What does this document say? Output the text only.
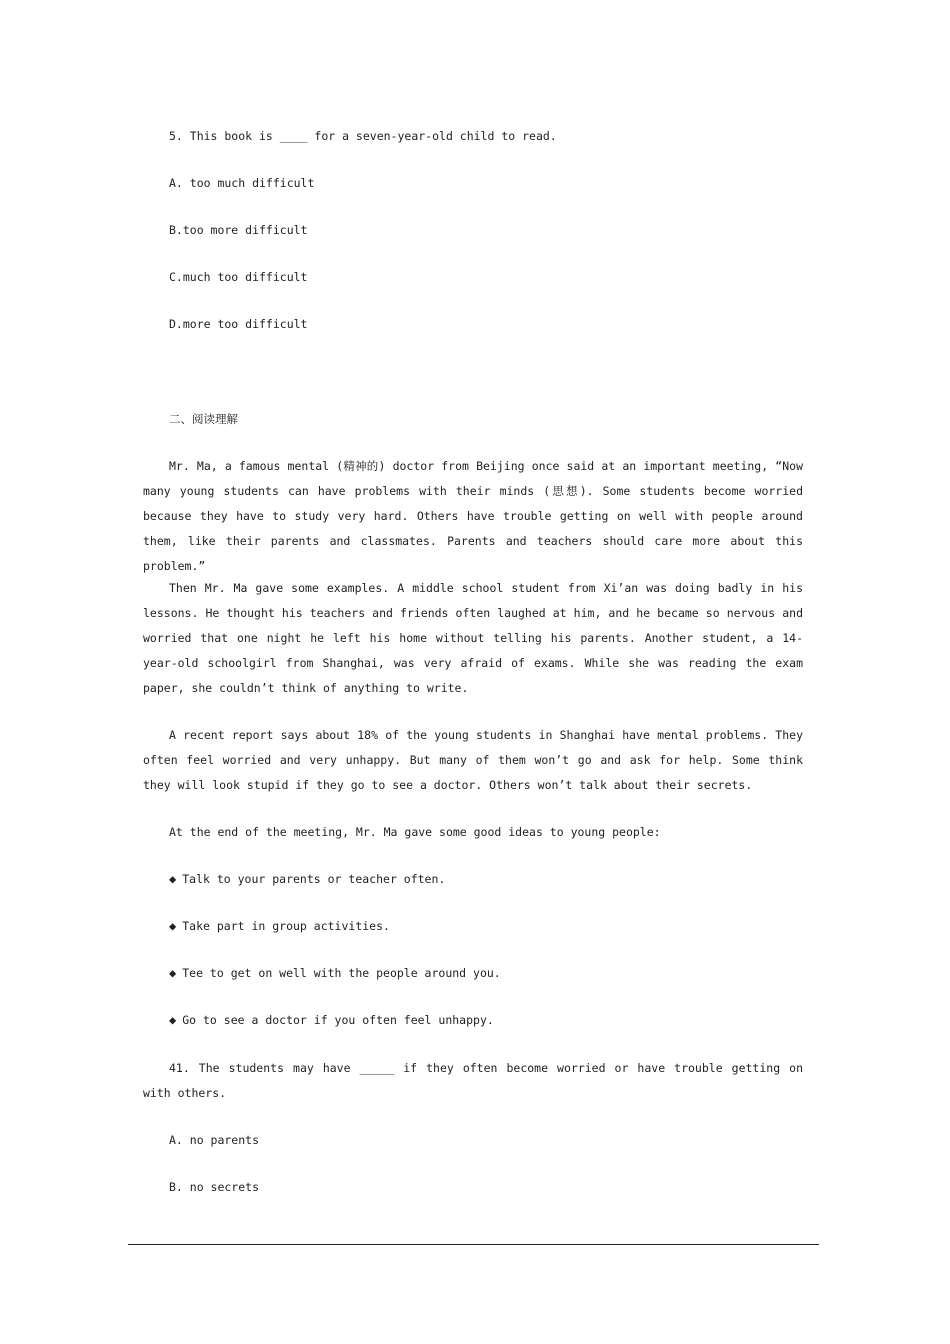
5. This book is ____ for a seven-year-old child to read.
A. too much difficult
B.too more difficult
C.much too difficult
D.more too difficult
二、阅读理解
Mr. Ma, a famous mental (精神的) doctor from Beijing once said at an important meeting, “Now many young students can have problems with their minds (思想). Some students become worried because they have to study very hard. Others have trouble getting on well with people around them, like their parents and classmates. Parents and teachers should care more about this problem.”
Then Mr. Ma gave some examples. A middle school student from Xi’an was doing badly in his lessons. He thought his teachers and friends often laughed at him, and he became so nervous and worried that one night he left his home without telling his parents. Another student, a 14-year-old schoolgirl from Shanghai, was very afraid of exams. While she was reading the exam paper, she couldn’t think of anything to write.
A recent report says about 18% of the young students in Shanghai have mental problems. They often feel worried and very unhappy. But many of them won’t go and ask for help. Some think they will look stupid if they go to see a doctor. Others won’t talk about their secrets.
At the end of the meeting, Mr. Ma gave some good ideas to young people:
◆ Talk to your parents or teacher often.
◆ Take part in group activities.
◆ Tee to get on well with the people around you.
◆ Go to see a doctor if you often feel unhappy.
41. The students may have _____ if they often become worried or have trouble getting on with others.
A. no parents
B. no secrets
